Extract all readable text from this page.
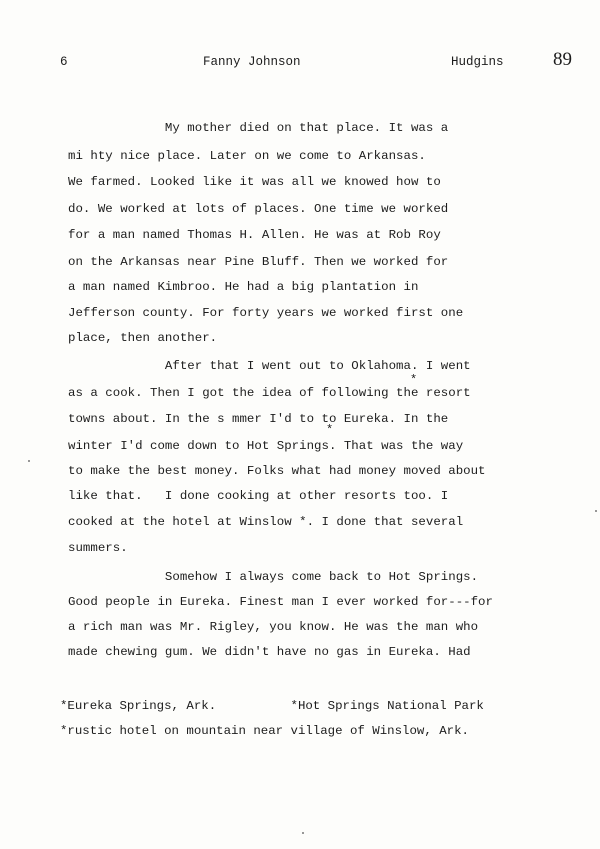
6	Fanny Johnson	Hudgins	89
My mother died on that place. It was a
mi hty nice place. Later on we come to Arkansas.
We farmed. Looked like it was all we knowed how to
do. We worked at lots of places. One time we worked
for a man named Thomas H. Allen. He was at Rob Roy
on the Arkansas near Pine Bluff. Then we worked for
a man named Kimbroo. He had a big plantation in
Jefferson county. For forty years we worked first one
place, then another.
After that I went out to Oklahoma. I went
*
as a cook. Then I got the idea of following the resort
towns about. In the s mmer I'd to to Eureka. In the
*
winter I'd come down to Hot Springs. That was the way
to make the best money. Folks what had money moved about
like that.   I done cooking at other resorts too. I
cooked at the hotel at Winslow *. I done that several
summers.
Somehow I always come back to Hot Springs.
Good people in Eureka. Finest man I ever worked for---for
a rich man was Mr. Rigley, you know. He was the man who
made chewing gum. We didn't have no gas in Eureka. Had
*Eureka Springs, Ark.          *Hot Springs National Park
*rustic hotel on mountain near village of Winslow, Ark.
